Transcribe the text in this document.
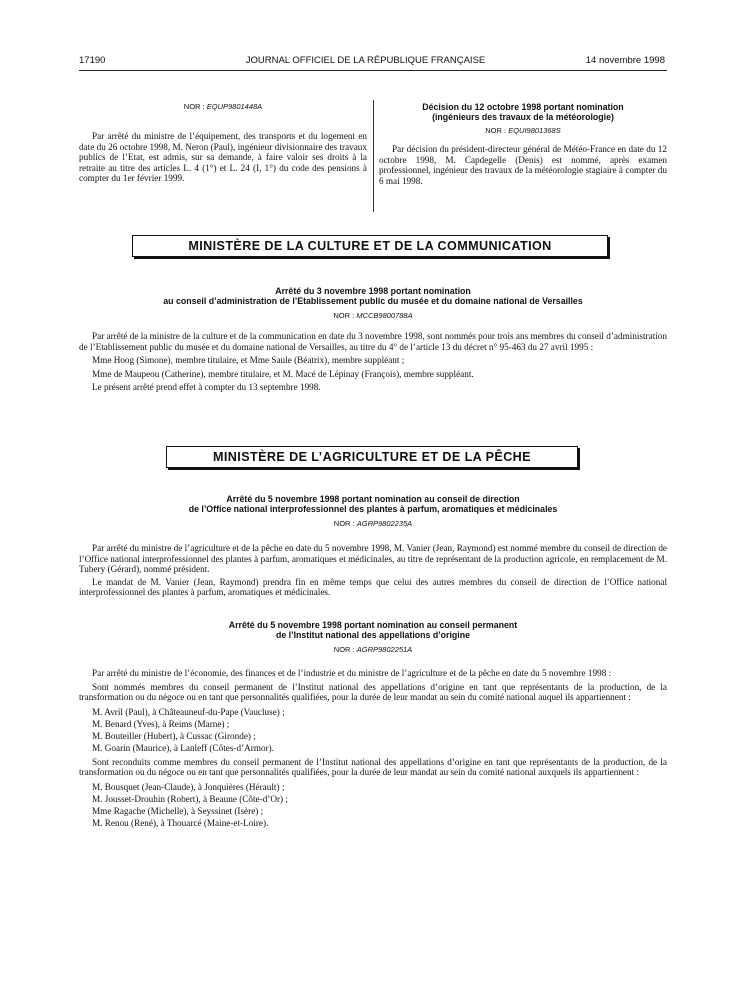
17190	JOURNAL OFFICIEL DE LA RÉPUBLIQUE FRANÇAISE	14 novembre 1998
NOR : EQUP9801448A

Par arrêté du ministre de l’équipement, des transports et du logement en date du 26 octobre 1998, M. Neron (Paul), ingénieur divisionnaire des travaux publics de l’Etat, est admis, sur sa demande, à faire valoir ses droits à la retraite au titre des articles L. 4 (1°) et L. 24 (I, 1°) du code des pensions à compter du 1er février 1999.

Décision du 12 octobre 1998 portant nomination
(ingénieurs des travaux de la météorologie)
NOR : EQUI9801368S

Par décision du président-directeur général de Météo-France en date du 12 octobre 1998, M. Capdegelle (Denis) est nommé, après examen professionnel, ingénieur des travaux de la météorologie stagiaire à compter du 6 mai 1998.

MINISTÈRE DE LA CULTURE ET DE LA COMMUNICATION
Arrêté du 3 novembre 1998 portant nomination
au conseil d’administration de l’Etablissement public du musée et du domaine national de Versailles
NOR : MCCB9800788A

Par arrêté de la ministre de la culture et de la communication en date du 3 novembre 1998, sont nommés pour trois ans membres du conseil d’administration de l’Etablissement public du musée et du domaine national de Versailles, au titre du 4° de l’article 13 du décret n° 95-463 du 27 avril 1995 :

Mme Hoog (Simone), membre titulaire, et Mme Saule (Béatrix), membre suppléant ;

Mme de Maupeou (Catherine), membre titulaire, et M. Macé de Lépinay (François), membre suppléant.

Le présent arrêté prend effet à compter du 13 septembre 1998.

MINISTÈRE DE L’AGRICULTURE ET DE LA PÊCHE
Arrêté du 5 novembre 1998 portant nomination au conseil de direction
de l’Office national interprofessionnel des plantes à parfum, aromatiques et médicinales
NOR : AGRP9802235A

Par arrêté du ministre de l’agriculture et de la pêche en date du 5 novembre 1998, M. Vanier (Jean, Raymond) est nommé membre du conseil de direction de l’Office national interprofessionnel des plantes à parfum, aromatiques et médicinales, au titre de représentant de la production agricole, en remplacement de M. Tubery (Gérard), nommé président.

Le mandat de M. Vanier (Jean, Raymond) prendra fin en même temps que celui des autres membres du conseil de direction de l’Office national interprofessionnel des plantes à parfum, aromatiques et médicinales.

Arrêté du 5 novembre 1998 portant nomination au conseil permanent
de l’Institut national des appellations d’origine
NOR : AGRP9802251A

Par arrêté du ministre de l’économie, des finances et de l’industrie et du ministre de l’agriculture et de la pêche en date du 5 novembre 1998 :

Sont nommés membres du conseil permanent de l’Institut national des appellations d’origine en tant que représentants de la production, de la transformation ou du négoce ou en tant que personnalités qualifiées, pour la durée de leur mandat au sein du comité national auquel ils appartiennent :

M. Avril (Paul), à Châteauneuf-du-Pape (Vaucluse) ;

M. Benard (Yves), à Reims (Marne) ;

M. Bouteiller (Hubert), à Cussac (Gironde) ;

M. Goarin (Maurice), à Lanleff (Côtes-d’Armor).

Sont reconduits comme membres du conseil permanent de l’Institut national des appellations d’origine en tant que représentants de la production, de la transformation ou du négoce ou en tant que personnalités qualifiées, pour la durée de leur mandat au sein du comité national auxquels ils appartiennent :

M. Bousquet (Jean-Claude), à Jonquières (Hérault) ;

M. Jousset-Drouhin (Robert), à Beaune (Côte-d’Or) ;

Mme Ragache (Michelle), à Seyssinet (Isère) ;

M. Renou (René), à Thouarcé (Maine-et-Loire).
